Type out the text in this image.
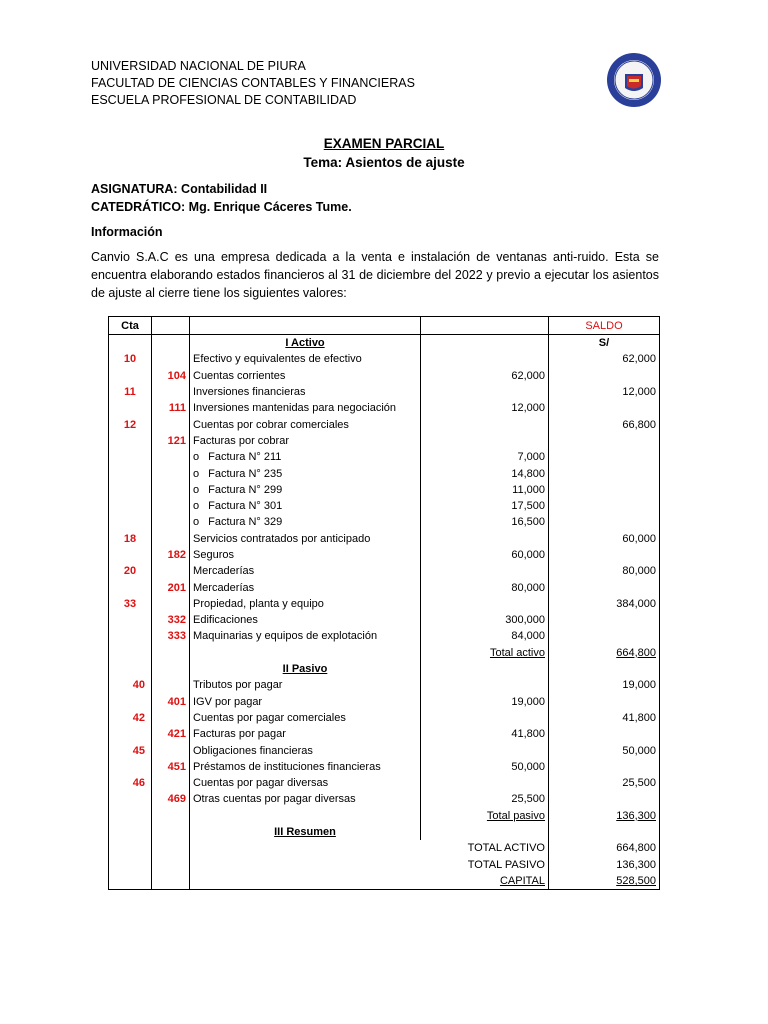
UNIVERSIDAD NACIONAL DE PIURA
FACULTAD DE CIENCIAS CONTABLES Y FINANCIERAS
ESCUELA PROFESIONAL DE CONTABILIDAD
EXAMEN PARCIAL
Tema: Asientos de ajuste
ASIGNATURA: Contabilidad II
CATEDRÁTICO: Mg. Enrique Cáceres Tume.
Información
Canvio S.A.C es una empresa dedicada a la venta e instalación de ventanas anti-ruido. Esta se encuentra elaborando estados financieros al 31 de diciembre del 2022 y previo a ejecutar los asientos de ajuste al cierre tiene los siguientes valores:
Cta				SALDO
		I Activo		S/
10		Efectivo y equivalentes de efectivo		62,000
	104	Cuentas corrientes	62,000	
11		Inversiones financieras		12,000
	111	Inversiones mantenidas para negociación	12,000	
12		Cuentas por cobrar comerciales		66,800
	121	Facturas por cobrar		
		o Factura N° 211	7,000	
		o Factura N° 235	14,800	
		o Factura N° 299	11,000	
		o Factura N° 301	17,500	
		o Factura N° 329	16,500	
18		Servicios contratados por anticipado		60,000
	182	Seguros	60,000	
20		Mercaderías		80,000
	201	Mercaderías	80,000	
33		Propiedad, planta y equipo		384,000
	332	Edificaciones	300,000	
	333	Maquinarias y equipos de explotación	84,000	
			Total activo	664,800
		II Pasivo		
40		Tributos por pagar		19,000
	401	IGV por pagar	19,000	
42		Cuentas por pagar comerciales		41,800
	421	Facturas por pagar	41,800	
45		Obligaciones financieras		50,000
	451	Préstamos de instituciones financieras	50,000	
46		Cuentas por pagar diversas		25,500
	469	Otras cuentas por pagar diversas	25,500	
			Total pasivo	136,300
		III Resumen		
		TOTAL ACTIVO		664,800
		TOTAL PASIVO		136,300
		CAPITAL		528,500
